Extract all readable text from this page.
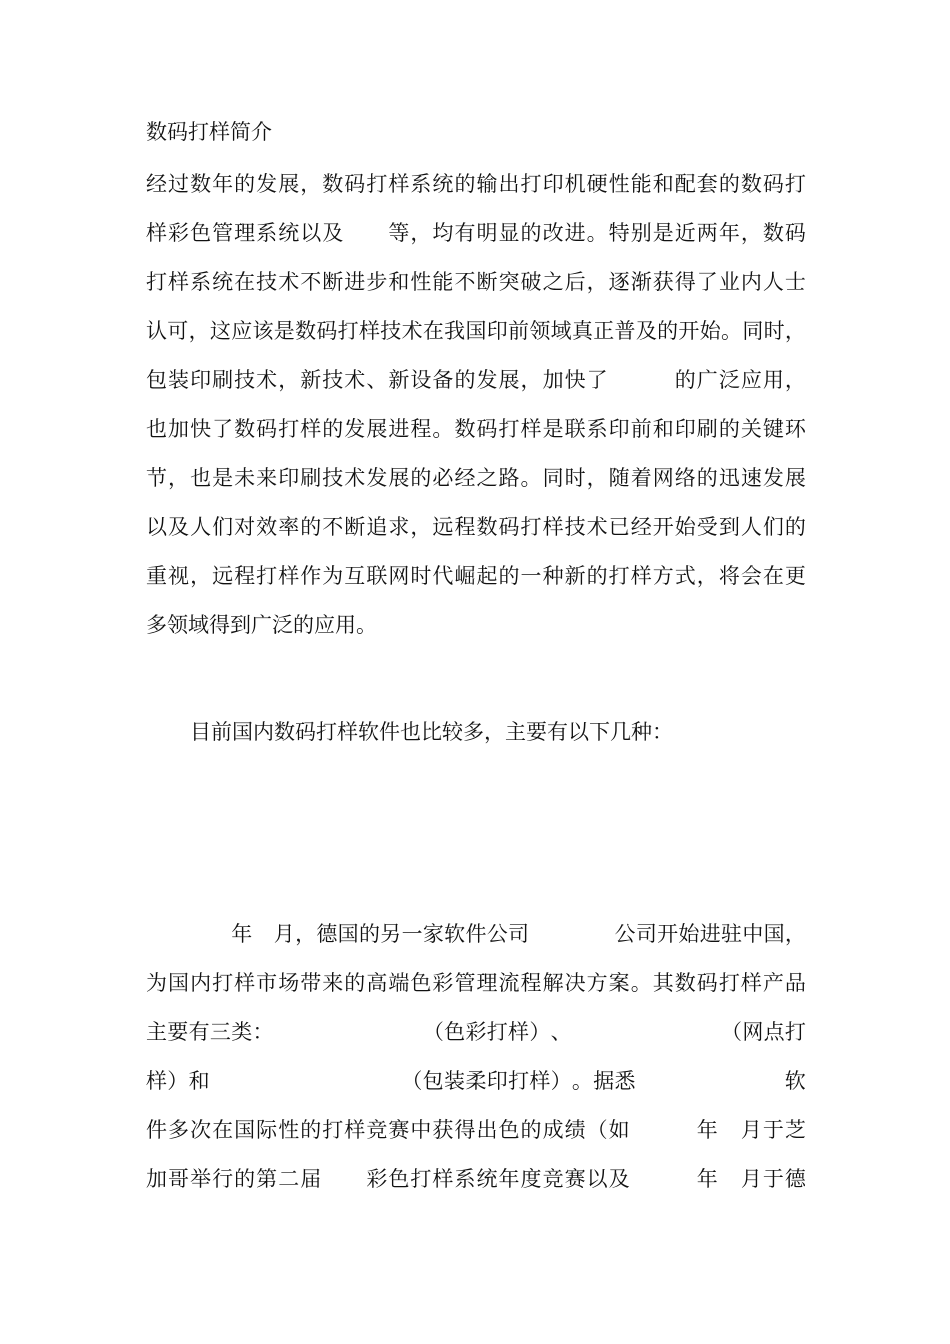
数码打样简介
经 过 数 年 的 发 展 ， 数 码 打 样 系 统 的 输 出 打 印 机 硬 性 能 和 配 套 的 数 码 打
样 彩 色 管 理 系 统 以 及

　 等 ， 均 有 明 显 的 改 进 。 特 别 是 近 两 年 ， 数 码
打 样 系 统 在 技 术 不 断 进 步 和 性 能 不 断 突 破 之 后 ， 逐 渐 获 得 了 业 内 人 士
认 可 ， 这 应 该 是 数 码 打 样 技 术 在 我 国 印 前 领 域 真 正 普 及 的 开 始 。 同 时 ，
包 装 印 刷 技 术 ， 新 技 术 、 新 设 备 的 发 展 ， 加 快 了

　	的 广 泛 应 用 ，
也 加 快 了 数 码 打 样 的 发 展 进 程 。 数 码 打 样 是 联 系 印 前 和 印 刷 的 关 键 环
节 ， 也 是 未 来 印 刷 技 术 发 展 的 必 经 之 路 。 同 时 ， 随 着 网 络 的 迅 速 发 展
以 及 人 们 对 效 率 的 不 断 追 求 ， 远 程 数 码 打 样 技 术 已 经 开 始 受 到 人 们 的
重 视 ， 远 程 打 样 作 为 互 联 网 时 代 崛 起 的 一 种 新 的 打 样 方 式 ， 将 会 在 更
多领域得到广泛的应用。
目前国内数码打样软件也比较多，主要有以下几种：

年
　 月 ， 德 国 的 另 一 家 软 件 公 司

　	公 司 开 始 进 驻 中 国 ，
为 国 内 打 样 市 场 带 来 的 高 端 色 彩 管 理 流 程 解 决 方 案 。 其 数 码 打 样 产 品
主 要 有 三 类 ：

　	（ 色 彩 打 样 ） 、

　	（ 网 点 打
样 ） 和

　	（ 包 装 柔 印 打 样 ） 。 据 悉

　	软
件 多 次 在 国 际 性 的 打 样 竞 赛 中 获 得 出 色 的 成 绩 （ 如

　	年
　 月 于 芝
加 哥 举 行 的 第 二 届

　 彩 色 打 样 系 统 年 度 竞 赛 以 及

　	年
　 月 于 德
